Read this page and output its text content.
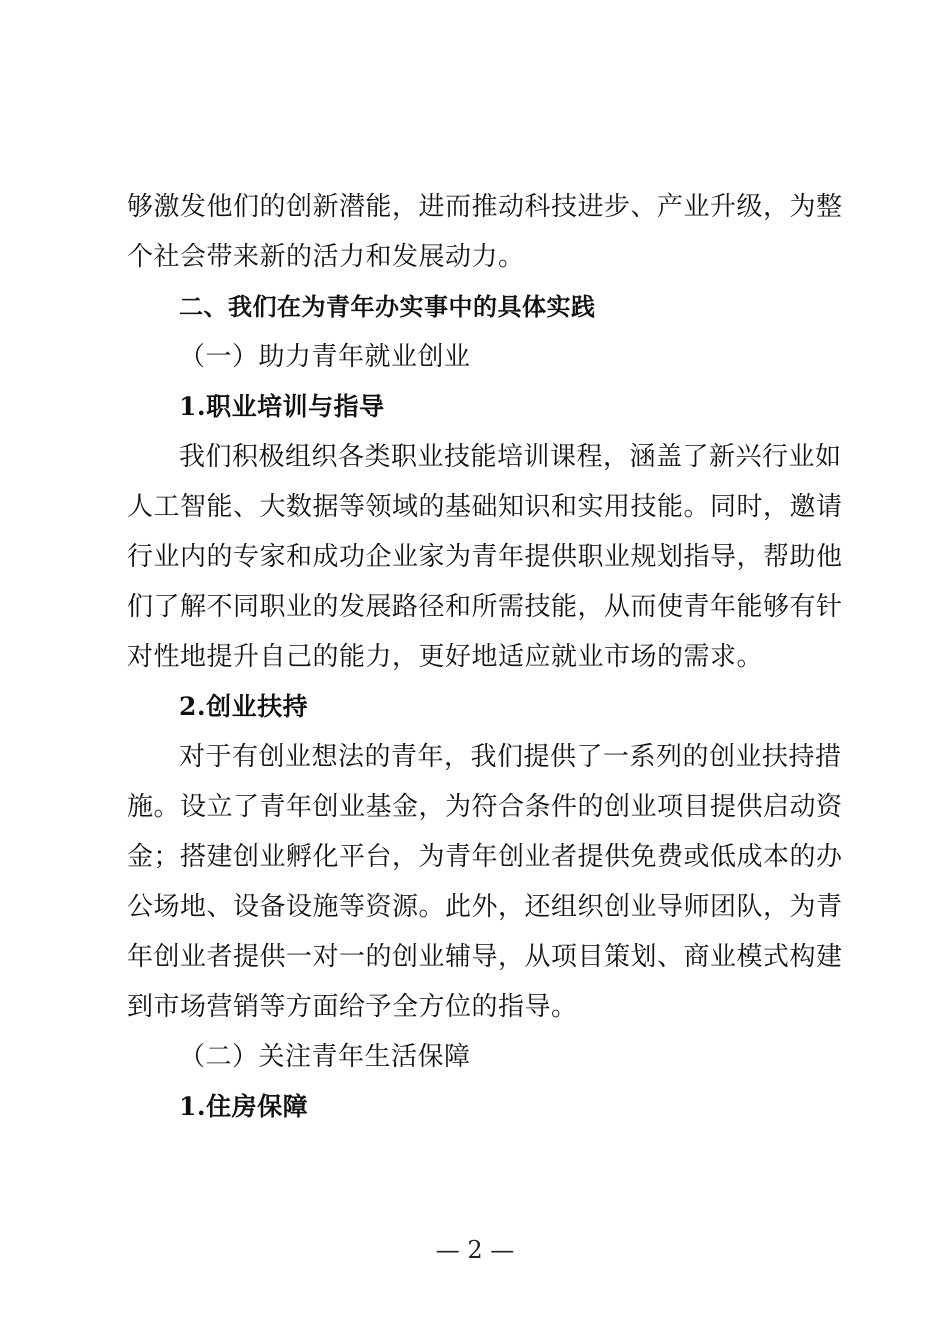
够激发他们的创新潜能，进而推动科技进步、产业升级，为整
个社会带来新的活力和发展动力。
二、我们在为青年办实事中的具体实践
（一）助力青年就业创业
1.职业培训与指导
我们积极组织各类职业技能培训课程，涵盖了新兴行业如
人工智能、大数据等领域的基础知识和实用技能。同时，邀请
行业内的专家和成功企业家为青年提供职业规划指导，帮助他
们了解不同职业的发展路径和所需技能，从而使青年能够有针
对性地提升自己的能力，更好地适应就业市场的需求。
2.创业扶持
对于有创业想法的青年，我们提供了一系列的创业扶持措
施。设立了青年创业基金，为符合条件的创业项目提供启动资
金；搭建创业孵化平台，为青年创业者提供免费或低成本的办
公场地、设备设施等资源。此外，还组织创业导师团队，为青
年创业者提供一对一的创业辅导，从项目策划、商业模式构建
到市场营销等方面给予全方位的指导。
（二）关注青年生活保障
1.住房保障
— 2 —
